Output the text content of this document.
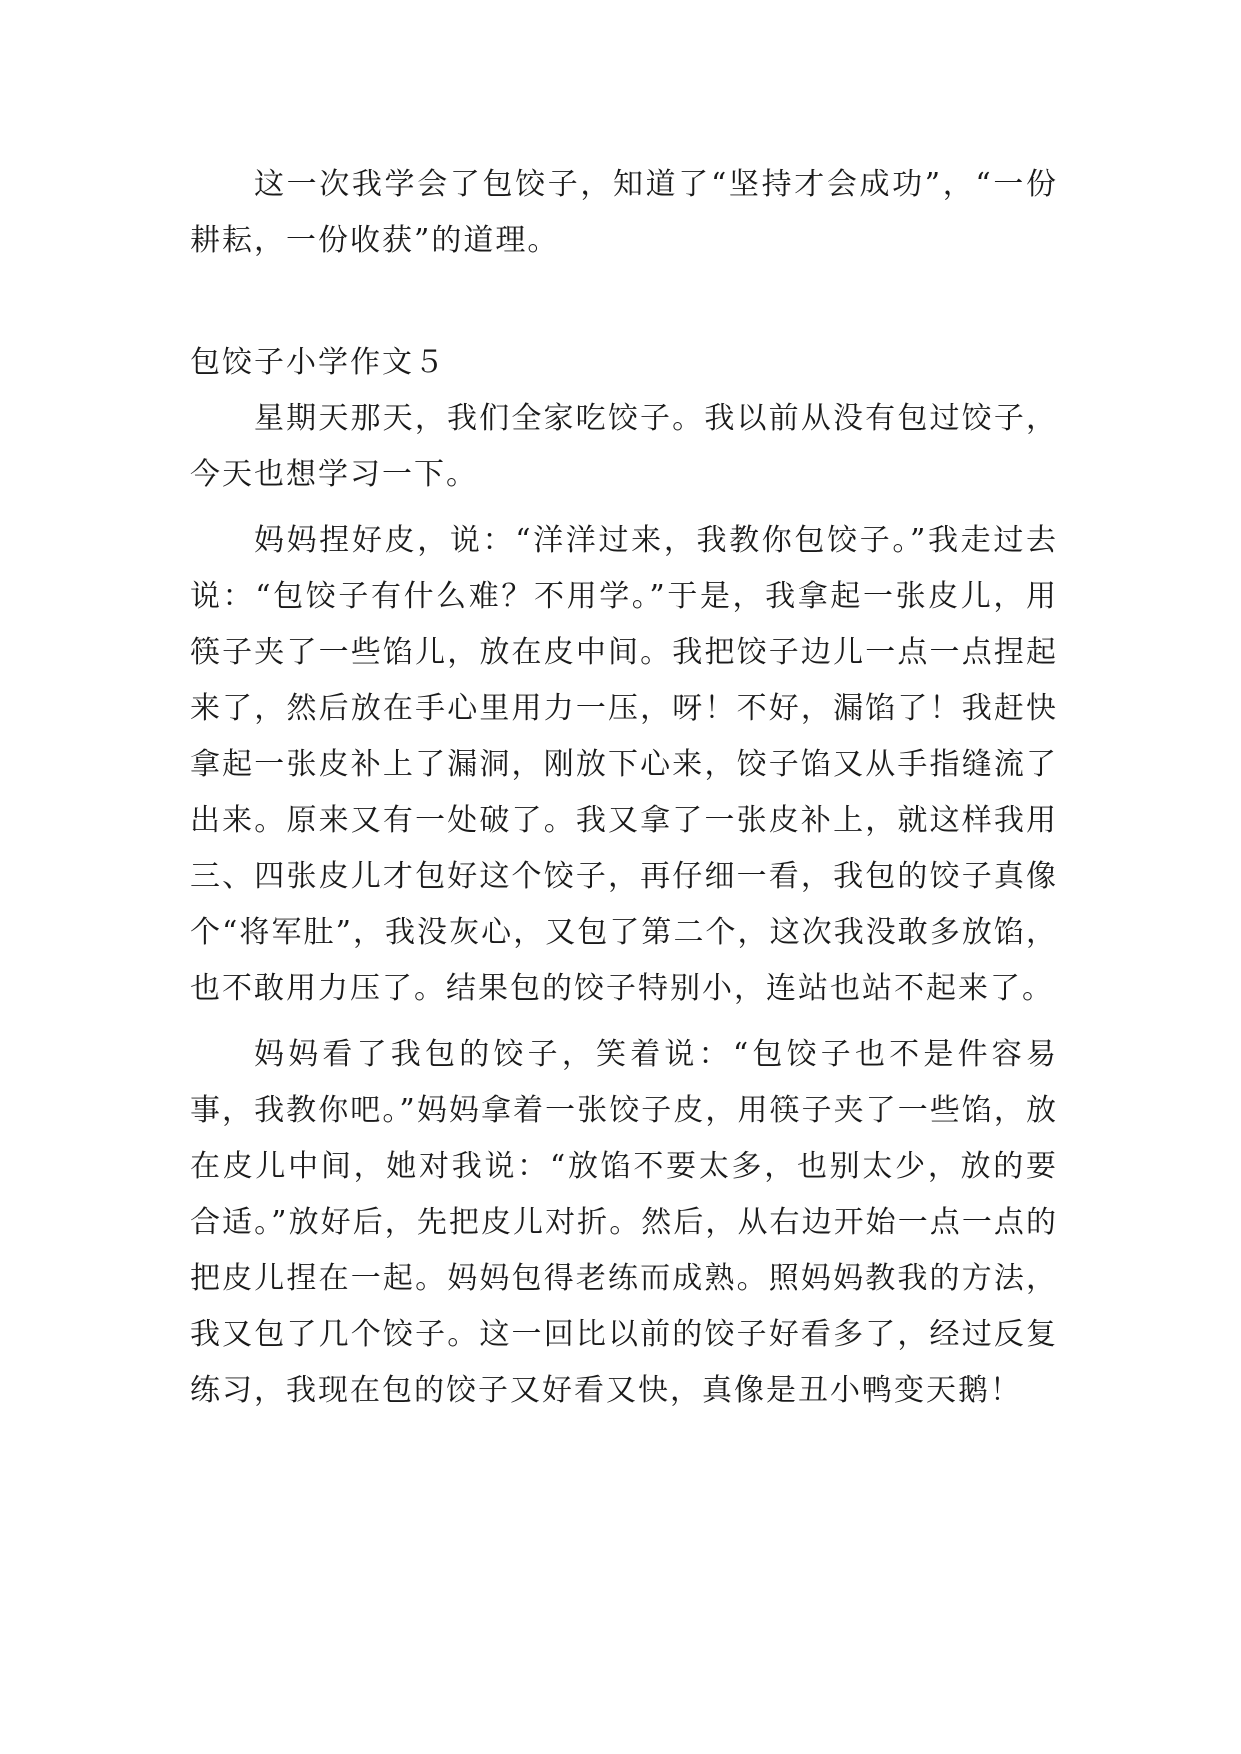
这一次我学会了包饺子，知道了“坚持才会成功”，“一份耕耘，一份收获”的道理。

包饺子小学作文５

星期天那天，我们全家吃饺子。我以前从没有包过饺子，今天也想学习一下。

妈妈捏好皮，说：“洋洋过来，我教你包饺子。”我走过去说：“包饺子有什么难？不用学。”于是，我拿起一张皮儿，用筷子夹了一些馅儿，放在皮中间。我把饺子边儿一点一点捏起来了，然后放在手心里用力一压，呀！不好，漏馅了！我赶快拿起一张皮补上了漏洞，刚放下心来，饺子馅又从手指缝流了出来。原来又有一处破了。我又拿了一张皮补上，就这样我用三、四张皮儿才包好这个饺子，再仔细一看，我包的饺子真像个“将军肚”，我没灰心，又包了第二个，这次我没敢多放馅，也不敢用力压了。结果包的饺子特别小，连站也站不起来了。

妈妈看了我包的饺子，笑着说：“包饺子也不是件容易事，我教你吧。”妈妈拿着一张饺子皮，用筷子夹了一些馅，放在皮儿中间，她对我说：“放馅不要太多，也别太少，放的要合适。”放好后，先把皮儿对折。然后，从右边开始一点一点的把皮儿捏在一起。妈妈包得老练而成熟。照妈妈教我的方法，我又包了几个饺子。这一回比以前的饺子好看多了，经过反复练习，我现在包的饺子又好看又快，真像是丑小鸭变天鹅！
